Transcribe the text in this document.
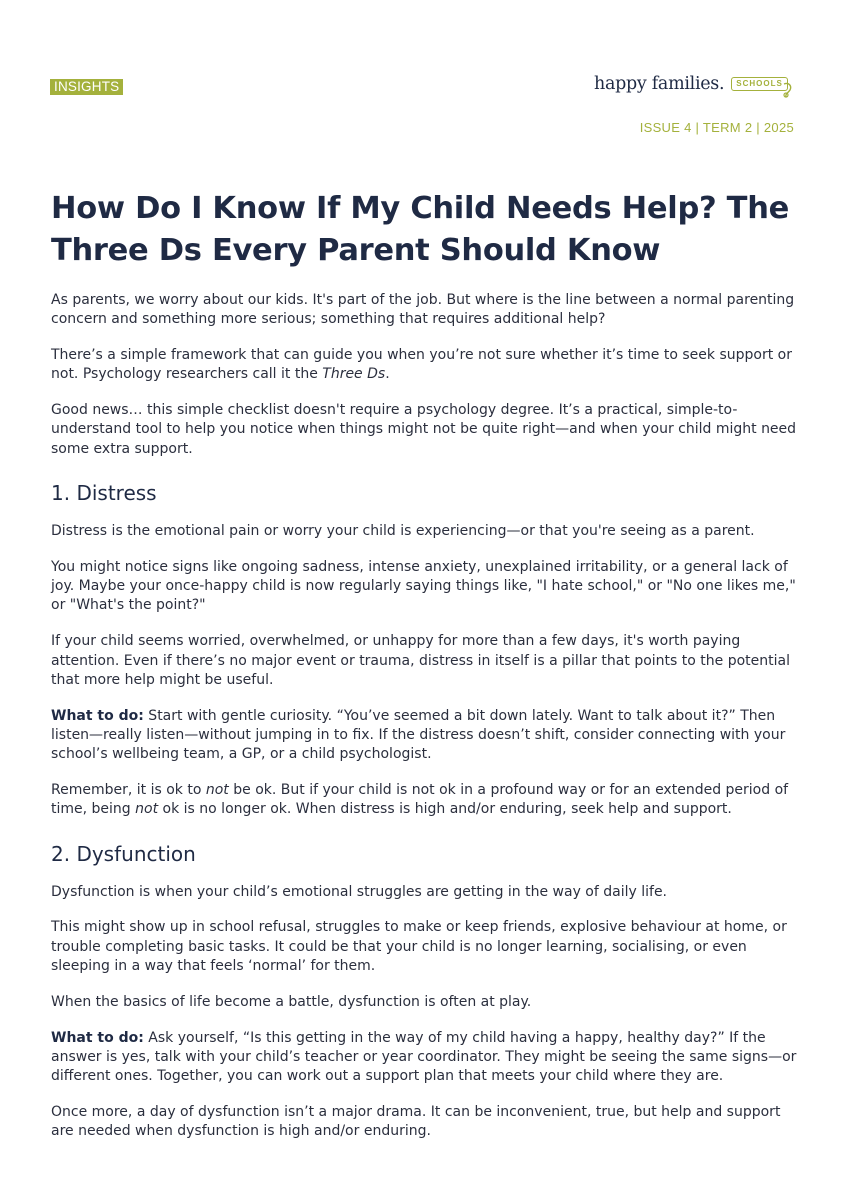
INSIGHTS	happy families.	SCHOOLS
ISSUE 4 | TERM 2 | 2025
How Do I Know If My Child Needs Help? The Three Ds Every Parent Should Know

As parents, we worry about our kids. It's part of the job. But where is the line between a normal parenting concern and something more serious; something that requires additional help?

There’s a simple framework that can guide you when you’re not sure whether it’s time to seek support or not. Psychology researchers call it the Three Ds.

Good news… this simple checklist doesn't require a psychology degree. It’s a practical, simple-to-understand tool to help you notice when things might not be quite right—and when your child might need some extra support.

1. Distress

Distress is the emotional pain or worry your child is experiencing—or that you're seeing as a parent.

You might notice signs like ongoing sadness, intense anxiety, unexplained irritability, or a general lack of joy. Maybe your once-happy child is now regularly saying things like, "I hate school," or "No one likes me," or "What's the point?"

If your child seems worried, overwhelmed, or unhappy for more than a few days, it's worth paying attention. Even if there’s no major event or trauma, distress in itself is a pillar that points to the potential that more help might be useful.

What to do: Start with gentle curiosity. “You’ve seemed a bit down lately. Want to talk about it?” Then listen—really listen—without jumping in to fix. If the distress doesn’t shift, consider connecting with your school’s wellbeing team, a GP, or a child psychologist.

Remember, it is ok to not be ok. But if your child is not ok in a profound way or for an extended period of time, being not ok is no longer ok. When distress is high and/or enduring, seek help and support.

2. Dysfunction

Dysfunction is when your child’s emotional struggles are getting in the way of daily life.

This might show up in school refusal, struggles to make or keep friends, explosive behaviour at home, or trouble completing basic tasks. It could be that your child is no longer learning, socialising, or even sleeping in a way that feels ‘normal’ for them.

When the basics of life become a battle, dysfunction is often at play.

What to do: Ask yourself, “Is this getting in the way of my child having a happy, healthy day?” If the answer is yes, talk with your child’s teacher or year coordinator. They might be seeing the same signs—or different ones. Together, you can work out a support plan that meets your child where they are.

Once more, a day of dysfunction isn’t a major drama. It can be inconvenient, true, but help and support are needed when dysfunction is high and/or enduring.
